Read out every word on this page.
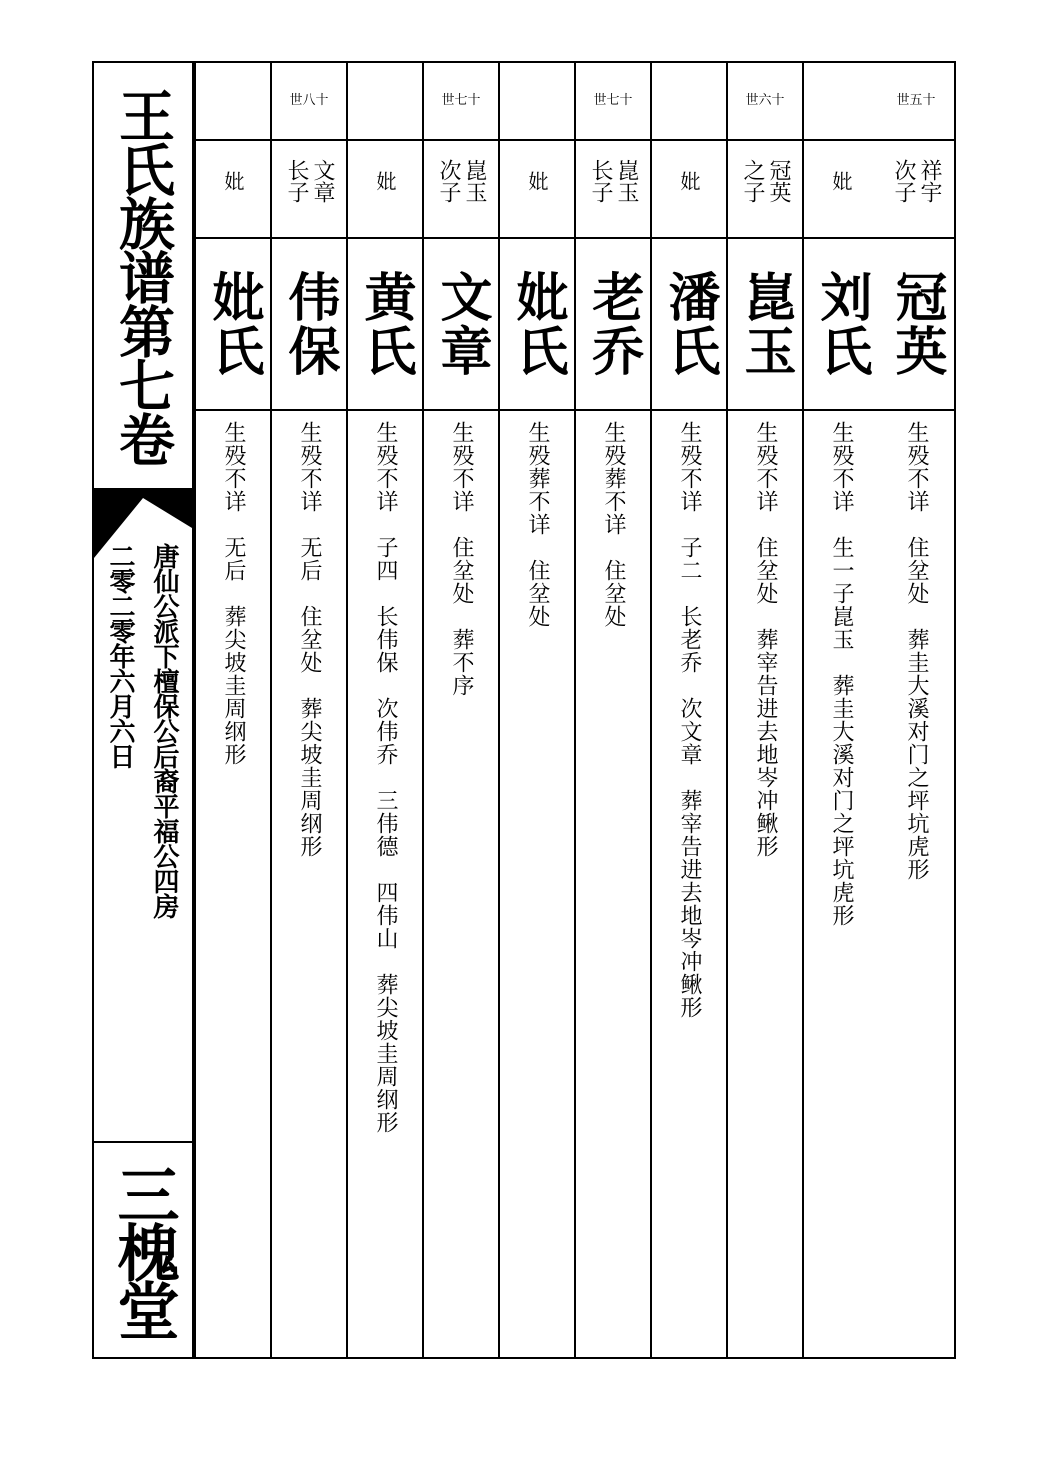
王氏族谱第七卷
唐仙公派下檀保公后裔平福公四房 二零二零年六月六日
三槐堂
世五十
祥宇次子
冠英
生殁不详　住坌处　葬圭大溪对门之坪坑虎形
妣
刘氏
生殁不详　生一子崑玉　葬圭大溪对门之坪坑虎形
世六十
冠英之子
崑玉
生殁不详　住坌处　葬宰告进去地岑冲鳅形
妣
潘氏
生殁不详　子二　长老乔　次文章　葬宰告进去地岑冲鳅形
世七十
崑玉长子
老乔
生殁葬不详　住坌处
妣
妣氏
生殁葬不详　住坌处
世七十
崑玉次子
文章
生殁不详　住坌处　葬不序
妣
黄氏
生殁不详　子四　长伟保　次伟乔　三伟德　四伟山　葬尖坡圭周纲形
世八十
文章长子
伟保
生殁不详　无后　住坌处　葬尖坡圭周纲形
妣
妣氏
生殁不详　无后　葬尖坡圭周纲形
